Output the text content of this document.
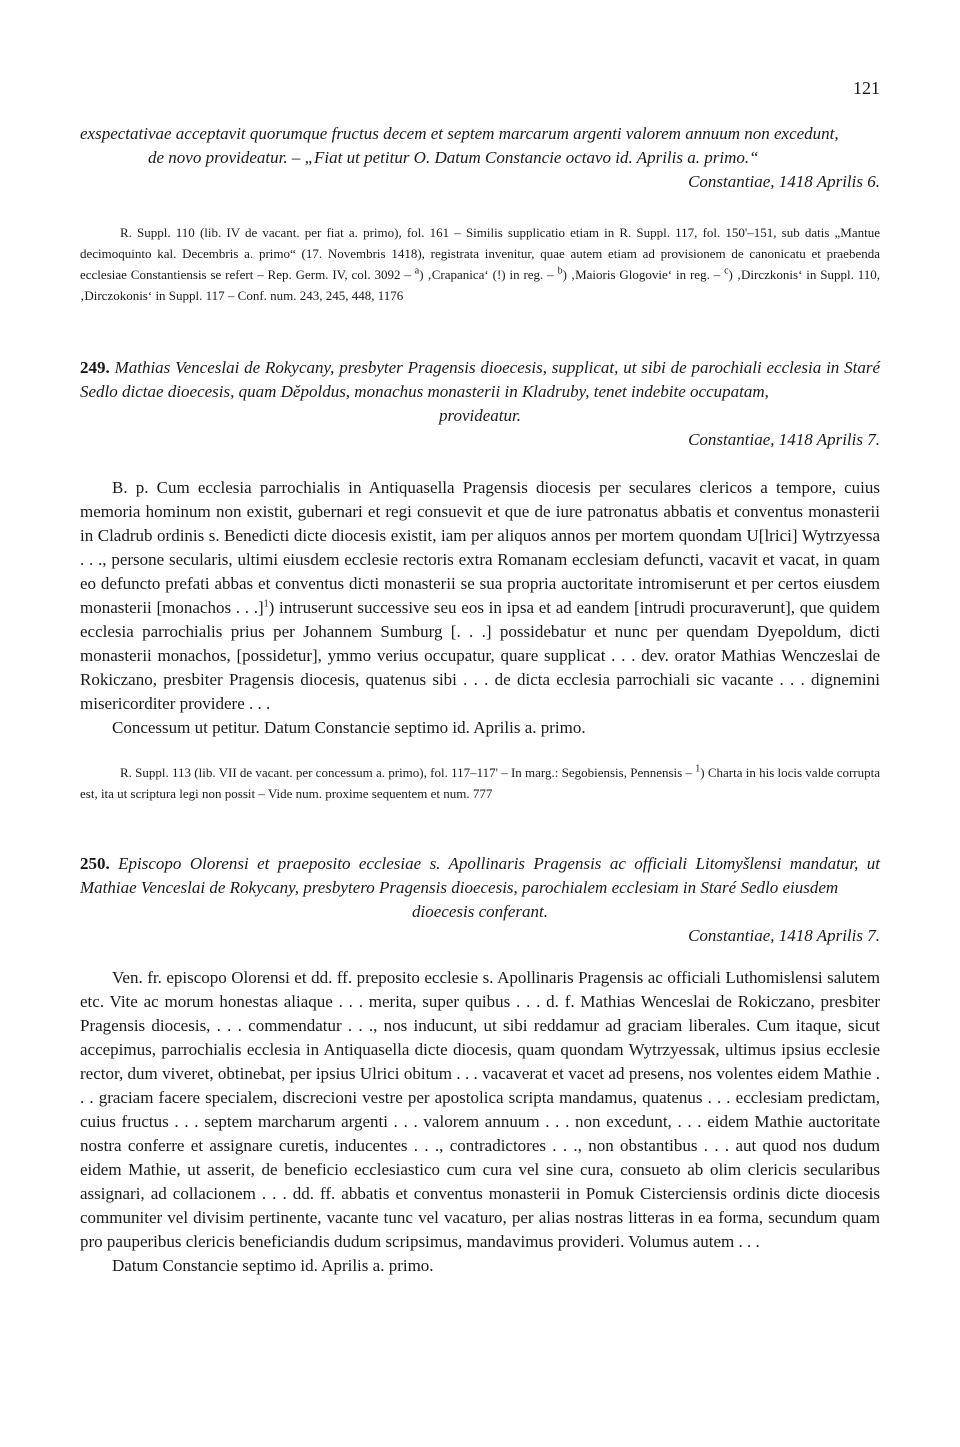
121
exspectativae acceptavit quorumque fructus decem et septem marcarum argenti valorem annuum non excedunt,
de novo provideatur. – „Fiat ut petitur O. Datum Constancie octavo id. Aprilis a. primo.“
Constantiae, 1418 Aprilis 6.
R. Suppl. 110 (lib. IV de vacant. per fiat a. primo), fol. 161 – Similis supplicatio etiam in R. Suppl. 117, fol. 150'–151, sub datis „Mantue decimoquinto kal. Decembris a. primo“ (17. Novembris 1418), registrata invenitur, quae autem etiam ad provisionem de canonicatu et praebenda ecclesiae Constantiensis se refert – Rep. Germ. IV, col. 3092 – $^a$) ‚Crapanica‘ (!) in reg. – $^b$) ‚Maioris Glogovie‘ in reg. – $^c$) ‚Dirczkonis‘ in Suppl. 110, ‚Dirczokonis‘ in Suppl. 117 – Conf. num. 243, 245, 448, 1176
249. Mathias Venceslai de Rokycany, presbyter Pragensis dioecesis, supplicat, ut sibi de parochiali ecclesia in Staré Sedlo dictae dioecesis, quam Děpoldus, monachus monasterii in Kladruby, tenet indebite occupatam,
provideatur.
Constantiae, 1418 Aprilis 7.

B. p. Cum ecclesia parrochialis in Antiquasella Pragensis diocesis per seculares clericos a tempore, cuius memoria hominum non existit, gubernari et regi consuevit et que de iure patronatus abbatis et conventus monasterii in Cladrub ordinis s. Benedicti dicte diocesis existit, iam per aliquos annos per mortem quondam U[lrici] Wytrzyessa . . ., persone secularis, ultimi eiusdem ecclesie rectoris extra Romanam ecclesiam defuncti, vacavit et vacat, in quam eo defuncto prefati abbas et conventus dicti monasterii se sua propria auctoritate intromiserunt et per certos eiusdem monasterii [monachos . . .]$^1$) intruserunt successive seu eos in ipsa et ad eandem [intrudi procuraverunt], que quidem ecclesia parrochialis prius per Johannem Sumburg [. . .] possidebatur et nunc per quendam Dyepoldum, dicti monasterii monachos, [possidetur], ymmo verius occupatur, quare supplicat . . . dev. orator Mathias Wenczeslai de Rokiczano, presbiter Pragensis diocesis, quatenus sibi . . . de dicta ecclesia parrochiali sic vacante . . . dignemini misericorditer providere . . .

Concessum ut petitur. Datum Constancie septimo id. Aprilis a. primo.

R. Suppl. 113 (lib. VII de vacant. per concessum a. primo), fol. 117–117' – In marg.: Segobiensis, Pennensis – $^1$) Charta in his locis valde corrupta est, ita ut scriptura legi non possit – Vide num. proxime sequentem et num. 777
250. Episcopo Olorensi et praeposito ecclesiae s. Apollinaris Pragensis ac officiali Litomyšlensi mandatur, ut Mathiae Venceslai de Rokycany, presbytero Pragensis dioecesis, parochialem ecclesiam in Staré Sedlo eiusdem
dioecesis conferant.
Constantiae, 1418 Aprilis 7.

Ven. fr. episcopo Olorensi et dd. ff. preposito ecclesie s. Apollinaris Pragensis ac officiali Luthomislensi salutem etc. Vite ac morum honestas aliaque . . . merita, super quibus . . . d. f. Mathias Wenceslai de Rokiczano, presbiter Pragensis diocesis, . . . commendatur . . ., nos inducunt, ut sibi reddamur ad graciam liberales. Cum itaque, sicut accepimus, parrochialis ecclesia in Antiquasella dicte diocesis, quam quondam Wytrzyessak, ultimus ipsius ecclesie rector, dum viveret, obtinebat, per ipsius Ulrici obitum . . . vacaverat et vacet ad presens, nos volentes eidem Mathie . . . graciam facere specialem, discrecioni vestre per apostolica scripta mandamus, quatenus . . . ecclesiam predictam, cuius fructus . . . septem marcharum argenti . . . valorem annuum . . . non excedunt, . . . eidem Mathie auctoritate nostra conferre et assignare curetis, inducentes . . ., contradictores . . ., non obstantibus . . . aut quod nos dudum eidem Mathie, ut asserit, de beneficio ecclesiastico cum cura vel sine cura, consueto ab olim clericis secularibus assignari, ad collacionem . . . dd. ff. abbatis et conventus monasterii in Pomuk Cisterciensis ordinis dicte diocesis communiter vel divisim pertinente, vacante tunc vel vacaturo, per alias nostras litteras in ea forma, secundum quam pro pauperibus clericis beneficiandis dudum scripsimus, mandavimus provideri. Volumus autem . . .

Datum Constancie septimo id. Aprilis a. primo.
